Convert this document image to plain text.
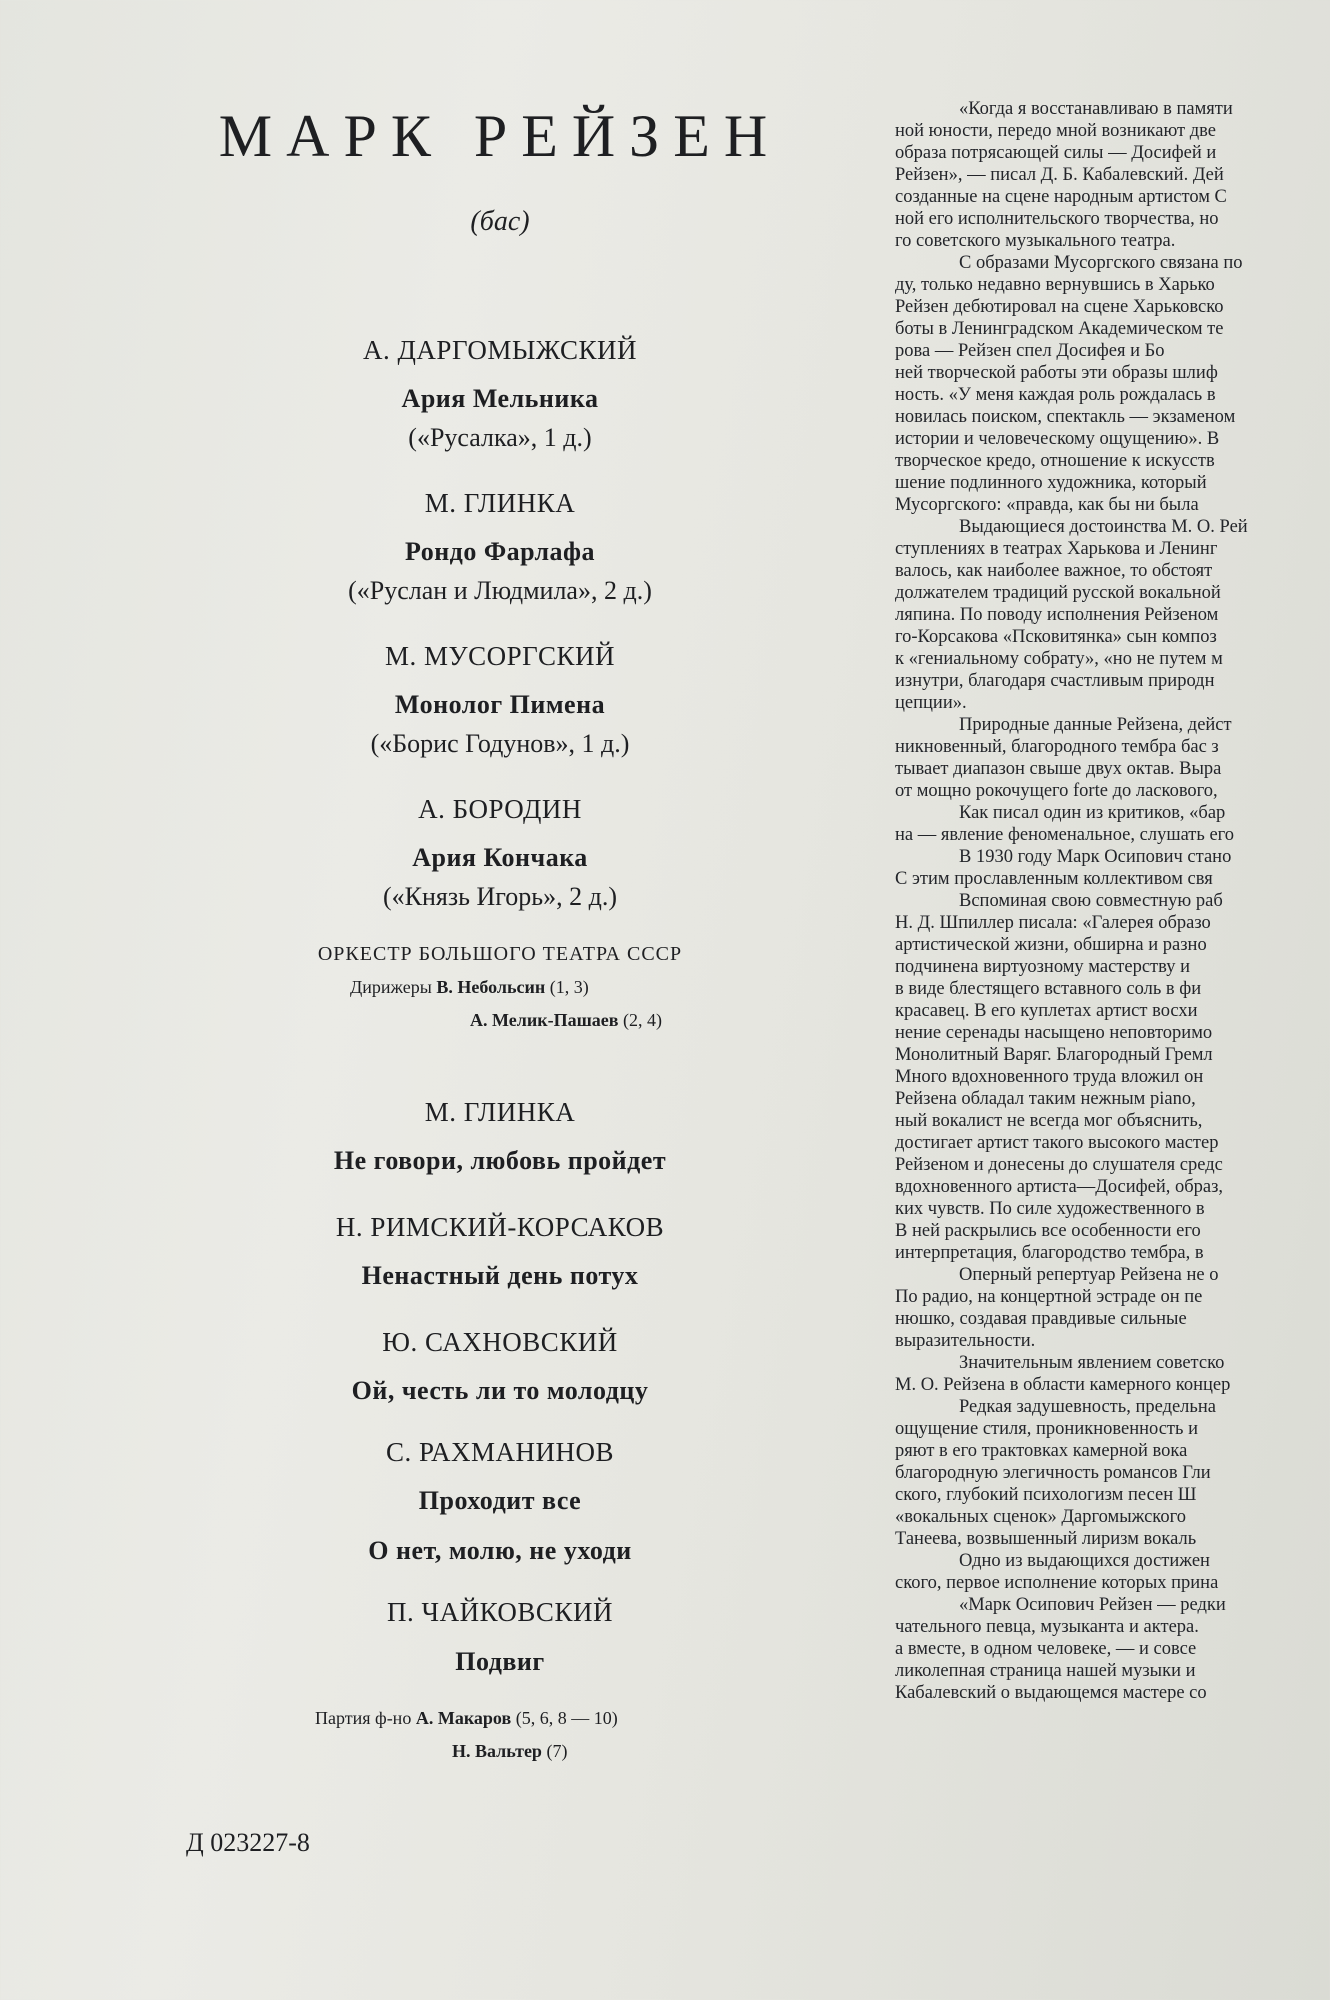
МАРК РЕЙЗЕН
(бас)
А. ДАРГОМЫЖСКИЙ
Ария Мельника
(«Русалка», 1 д.)
М. ГЛИНКА
Рондо Фарлафа
(«Руслан и Людмила», 2 д.)
М. МУСОРГСКИЙ
Монолог Пимена
(«Борис Годунов», 1 д.)
А. БОРОДИН
Ария Кончака
(«Князь Игорь», 2 д.)
ОРКЕСТР БОЛЬШОГО ТЕАТРА СССР
Дирижеры В. Небольсин (1, 3)
А. Мелик-Пашаев (2, 4)
М. ГЛИНКА
Не говори, любовь пройдет
Н. РИМСКИЙ-КОРСАКОВ
Ненастный день потух
Ю. САХНОВСКИЙ
Ой, честь ли то молодцу
С. РАХМАНИНОВ
Проходит все
О нет, молю, не уходи
П. ЧАЙКОВСКИЙ
Подвиг
Партия ф-но А. Макаров (5, 6, 8 — 10)
Н. Вальтер (7)
Д 023227-8
«Когда я восстанавливаю в памяти
ной юности, передо мной возникают две
образа потрясающей силы — Досифей и
Рейзен», — писал Д. Б. Кабалевский. Дей
созданные на сцене народным артистом С
ной его исполнительского творчества, но
го советского музыкального театра.
С образами Мусоргского связана по
ду, только недавно вернувшись в Харько
Рейзен дебютировал на сцене Харьковско
боты в Ленинградском Академическом те
рова — Рейзен спел Досифея и Бо
ней творческой работы эти образы шлиф
ность. «У меня каждая роль рождалась в
новилась поиском, спектакль — экзаменом
истории и человеческому ощущению». В
творческое кредо, отношение к искусств
шение подлинного художника, который
Мусоргского: «правда, как бы ни была
Выдающиеся достоинства М. О. Рей
ступлениях в театрах Харькова и Ленинг
валось, как наиболее важное, то обстоят
должателем традиций русской вокальной
ляпина. По поводу исполнения Рейзеном
го-Корсакова «Псковитянка» сын композ
к «гениальному собрату», «но не путем м
изнутри, благодаря счастливым природн
цепции».
Природные данные Рейзена, дейст
никновенный, благородного тембра бас з
тывает диапазон свыше двух октав. Выра
от мощно рокочущего forte до ласкового,
Как писал один из критиков, «бар
на — явление феноменальное, слушать его
В 1930 году Марк Осипович стано
С этим прославленным коллективом свя
Вспоминая свою совместную раб
Н. Д. Шпиллер писала: «Галерея образо
артистической жизни, обширна и разно
подчинена виртуозному мастерству и
в виде блестящего вставного соль в фи
красавец. В его куплетах артист восхи
нение серенады насыщено неповторимо
Монолитный Варяг. Благородный Гремл
Много вдохновенного труда вложил он
Рейзена обладал таким нежным piano,
ный вокалист не всегда мог объяснить,
достигает артист такого высокого мастер
Рейзеном и донесены до слушателя средс
вдохновенного артиста—Досифей, образ,
ких чувств. По силе художественного в
В ней раскрылись все особенности его
интерпретация, благородство тембра, в
Оперный репертуар Рейзена не о
По радио, на концертной эстраде он пе
нюшко, создавая правдивые сильные
выразительности.
Значительным явлением советско
М. О. Рейзена в области камерного концер
Редкая задушевность, предельна
ощущение стиля, проникновенность и
ряют в его трактовках камерной вока
благородную элегичность романсов Гли
ского, глубокий психологизм песен Ш
«вокальных сценок» Даргомыжского
Танеева, возвышенный лиризм вокаль
Одно из выдающихся достижен
ского, первое исполнение которых прина
«Марк Осипович Рейзен — редки
чательного певца, музыканта и актера.
а вместе, в одном человеке, — и совсе
ликолепная страница нашей музыки и
Кабалевский о выдающемся мастере со
